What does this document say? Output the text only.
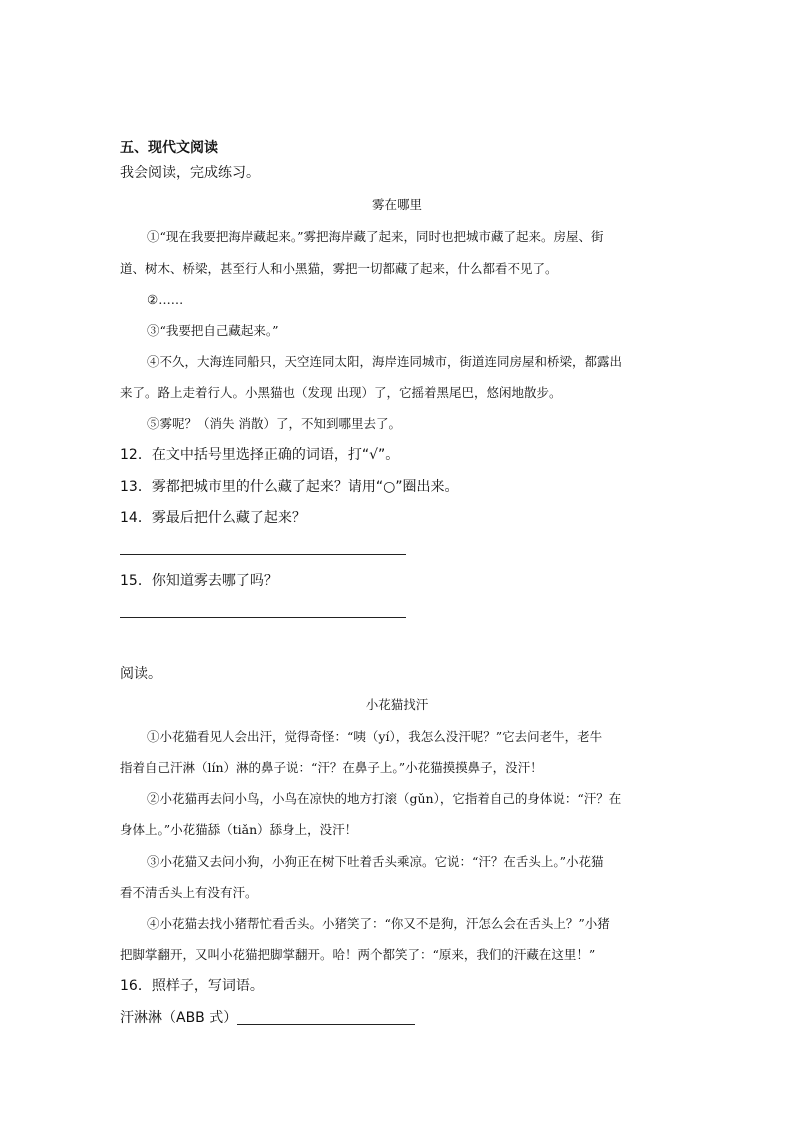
五、现代文阅读
我会阅读，完成练习。
雾在哪里
①“现在我要把海岸藏起来。”雾把海岸藏了起来，同时也把城市藏了起来。房屋、街
道、树木、桥梁，甚至行人和小黑猫，雾把一切都藏了起来，什么都看不见了。
②……
③“我要把自己藏起来。”
④不久，大海连同船只，天空连同太阳，海岸连同城市，街道连同房屋和桥梁，都露出
来了。路上走着行人。小黑猫也（发现 出现）了，它摇着黑尾巴，悠闲地散步。
⑤雾呢？（消失 消散）了，不知到哪里去了。
12．在文中括号里选择正确的词语，打“√”。
13．雾都把城市里的什么藏了起来？请用“○”圈出来。
14．雾最后把什么藏了起来？
15．你知道雾去哪了吗？
阅读。
小花猫找汗
①小花猫看见人会出汗，觉得奇怪：“咦（yí），我怎么没汗呢？”它去问老牛，老牛
指着自己汗淋（lín）淋的鼻子说：“汗？在鼻子上。”小花猫摸摸鼻子，没汗！
②小花猫再去问小鸟，小鸟在凉快的地方打滚（gǔn），它指着自己的身体说：“汗？在
身体上。”小花猫舔（tiǎn）舔身上，没汗！
③小花猫又去问小狗，小狗正在树下吐着舌头乘凉。它说：“汗？在舌头上。”小花猫
看不清舌头上有没有汗。
④小花猫去找小猪帮忙看舌头。小猪笑了：“你又不是狗，汗怎么会在舌头上？”小猪
把脚掌翻开，又叫小花猫把脚掌翻开。哈！两个都笑了：“原来，我们的汗藏在这里！”
16．照样子，写词语。
汗淋淋（ABB 式）
